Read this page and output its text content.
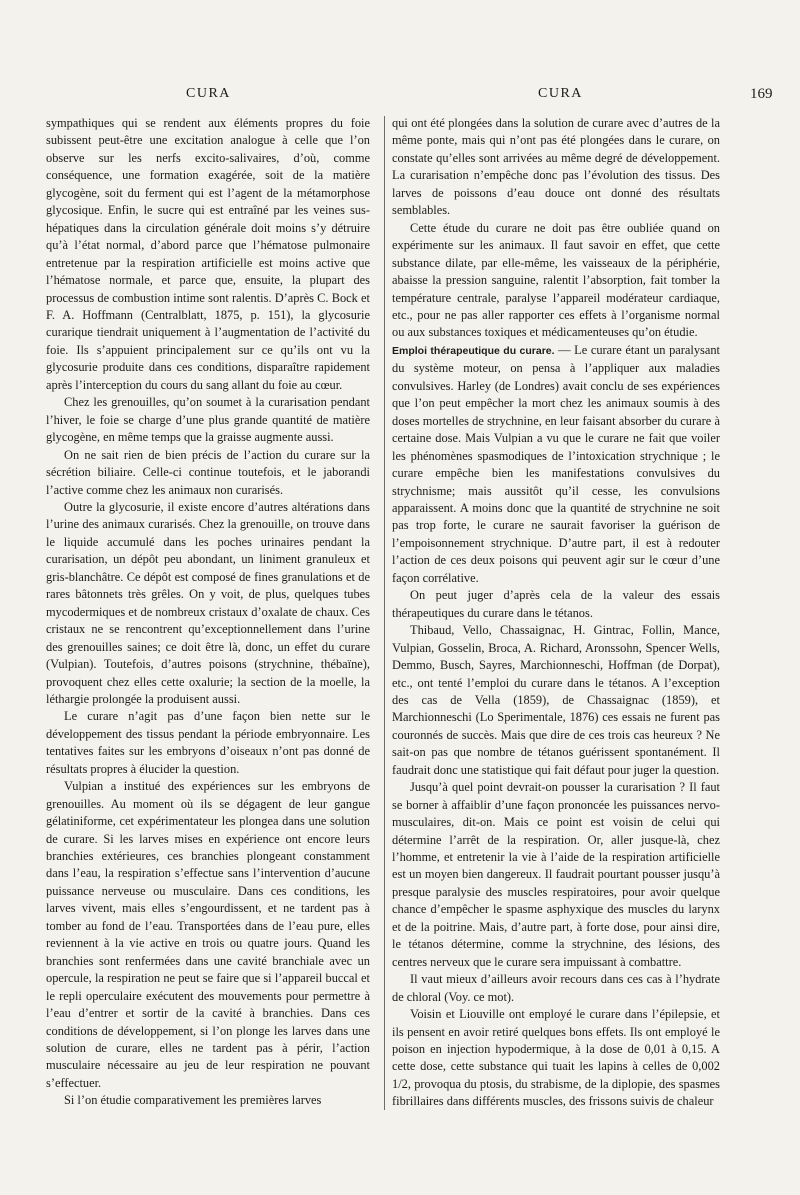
CURA	CURA	169

sympathiques qui se rendent aux éléments propres du foie subissent peut-être une excitation analogue à celle que l’on observe sur les nerfs excito-salivaires, d’où, comme conséquence, une formation exagérée, soit de la matière glycogène, soit du ferment qui est l’agent de la métamorphose glycosique. Enfin, le sucre qui est entraîné par les veines sus-hépatiques dans la circulation générale doit moins s’y détruire qu’à l’état normal, d’abord parce que l’hématose pulmonaire entretenue par la respiration artificielle est moins active que l’hématose normale, et parce que, ensuite, la plupart des processus de combustion intime sont ralentis. D’après C. Bock et F. A. Hoffmann (Centralblatt, 1875, p. 151), la glycosurie curarique tiendrait uniquement à l’augmentation de l’activité du foie. Ils s’appuient principalement sur ce qu’ils ont vu la glycosurie produite dans ces conditions, disparaître rapidement après l’interception du cours du sang allant du foie au cœur.

Chez les grenouilles, qu’on soumet à la curarisation pendant l’hiver, le foie se charge d’une plus grande quantité de matière glycogène, en même temps que la graisse augmente aussi.

On ne sait rien de bien précis de l’action du curare sur la sécrétion biliaire. Celle-ci continue toutefois, et le jaborandi l’active comme chez les animaux non curarisés.

Outre la glycosurie, il existe encore d’autres altérations dans l’urine des animaux curarisés. Chez la grenouille, on trouve dans le liquide accumulé dans les poches urinaires pendant la curarisation, un dépôt peu abondant, un liniment granuleux et gris-blanchâtre. Ce dépôt est composé de fines granulations et de rares bâtonnets très grêles. On y voit, de plus, quelques tubes mycodermiques et de nombreux cristaux d’oxalate de chaux. Ces cristaux ne se rencontrent qu’exceptionnellement dans l’urine des grenouilles saines; ce doit être là, donc, un effet du curare (Vulpian). Toutefois, d’autres poisons (strychnine, thébaïne), provoquent chez elles cette oxalurie; la section de la moelle, la léthargie prolongée la produisent aussi.

Le curare n’agit pas d’une façon bien nette sur le développement des tissus pendant la période embryonnaire. Les tentatives faites sur les embryons d’oiseaux n’ont pas donné de résultats propres à élucider la question.

Vulpian a institué des expériences sur les embryons de grenouilles. Au moment où ils se dégagent de leur gangue gélatiniforme, cet expérimentateur les plongea dans une solution de curare. Si les larves mises en expérience ont encore leurs branchies extérieures, ces branchies plongeant constamment dans l’eau, la respiration s’effectue sans l’intervention d’aucune puissance nerveuse ou musculaire. Dans ces conditions, les larves vivent, mais elles s’engourdissent, et ne tardent pas à tomber au fond de l’eau. Transportées dans de l’eau pure, elles reviennent à la vie active en trois ou quatre jours. Quand les branchies sont renfermées dans une cavité branchiale avec un opercule, la respiration ne peut se faire que si l’appareil buccal et le repli operculaire exécutent des mouvements pour permettre à l’eau d’entrer et sortir de la cavité à branchies. Dans ces conditions de développement, si l’on plonge les larves dans une solution de curare, elles ne tardent pas à périr, l’action musculaire nécessaire au jeu de leur respiration ne pouvant s’effectuer.

Si l’on étudie comparativement les premières larves

qui ont été plongées dans la solution de curare avec d’autres de la même ponte, mais qui n’ont pas été plongées dans le curare, on constate qu’elles sont arrivées au même degré de développement. La curarisation n’empêche donc pas l’évolution des tissus. Des larves de poissons d’eau douce ont donné des résultats semblables.

Cette étude du curare ne doit pas être oubliée quand on expérimente sur les animaux. Il faut savoir en effet, que cette substance dilate, par elle-même, les vaisseaux de la périphérie, abaisse la pression sanguine, ralentit l’absorption, fait tomber la température centrale, paralyse l’appareil modérateur cardiaque, etc., pour ne pas aller rapporter ces effets à l’organisme normal ou aux substances toxiques et médicamenteuses qu’on étudie.

Emploi thérapeutique du curare. — Le curare étant un paralysant du système moteur, on pensa à l’appliquer aux maladies convulsives. Harley (de Londres) avait conclu de ses expériences que l’on peut empêcher la mort chez les animaux soumis à des doses mortelles de strychnine, en leur faisant absorber du curare à certaine dose. Mais Vulpian a vu que le curare ne fait que voiler les phénomènes spasmodiques de l’intoxication strychnique ; le curare empêche bien les manifestations convulsives du strychnisme; mais aussitôt qu’il cesse, les convulsions apparaissent. A moins donc que la quantité de strychnine ne soit pas trop forte, le curare ne saurait favoriser la guérison de l’empoisonnement strychnique. D’autre part, il est à redouter l’action de ces deux poisons qui peuvent agir sur le cœur d’une façon corrélative.

On peut juger d’après cela de la valeur des essais thérapeutiques du curare dans le tétanos.

Thibaud, Vello, Chassaignac, H. Gintrac, Follin, Mance, Vulpian, Gosselin, Broca, A. Richard, Aronssohn, Spencer Wells, Demmo, Busch, Sayres, Marchionneschi, Hoffman (de Dorpat), etc., ont tenté l’emploi du curare dans le tétanos. A l’exception des cas de Vella (1859), de Chassaignac (1859), et Marchionneschi (Lo Sperimentale, 1876) ces essais ne furent pas couronnés de succès. Mais que dire de ces trois cas heureux ? Ne sait-on pas que nombre de tétanos guérissent spontanément. Il faudrait donc une statistique qui fait défaut pour juger la question.

Jusqu’à quel point devrait-on pousser la curarisation ? Il faut se borner à affaiblir d’une façon prononcée les puissances nervo-musculaires, dit-on. Mais ce point est voisin de celui qui détermine l’arrêt de la respiration. Or, aller jusque-là, chez l’homme, et entretenir la vie à l’aide de la respiration artificielle est un moyen bien dangereux. Il faudrait pourtant pousser jusqu’à presque paralysie des muscles respiratoires, pour avoir quelque chance d’empêcher le spasme asphyxique des muscles du larynx et de la poitrine. Mais, d’autre part, à forte dose, pour ainsi dire, le tétanos détermine, comme la strychnine, des lésions, des centres nerveux que le curare sera impuissant à combattre.

Il vaut mieux d’ailleurs avoir recours dans ces cas à l’hydrate de chloral (Voy. ce mot).

Voisin et Liouville ont employé le curare dans l’épilepsie, et ils pensent en avoir retiré quelques bons effets. Ils ont employé le poison en injection hypodermique, à la dose de 0,01 à 0,15. A cette dose, cette substance qui tuait les lapins à celles de 0,002 1/2, provoqua du ptosis, du strabisme, de la diplopie, des spasmes fibrillaires dans différents muscles, des frissons suivis de chaleur
